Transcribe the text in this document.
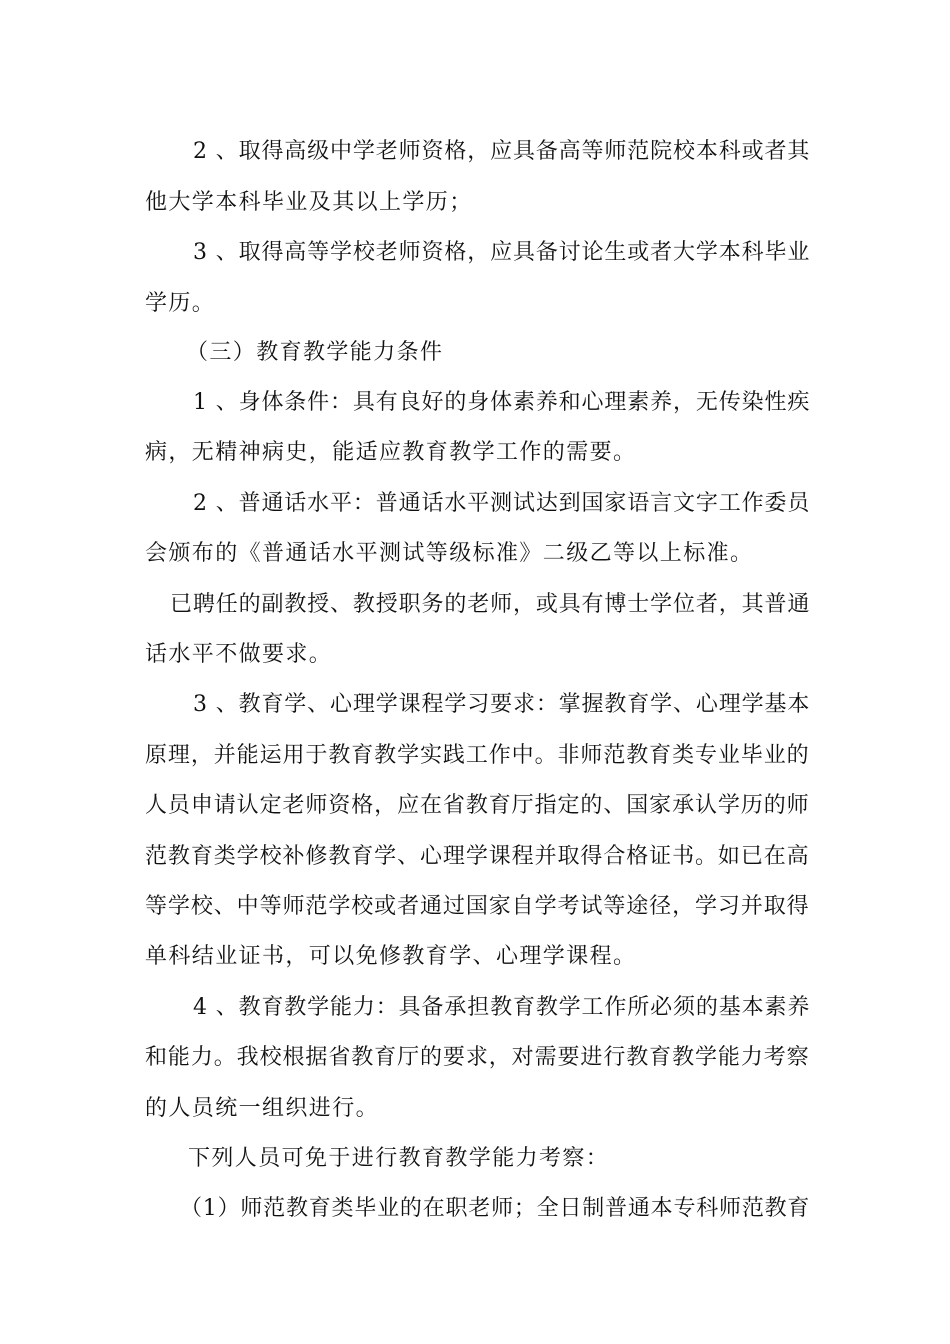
2 、取得高级中学老师资格，应具备高等师范院校本科或者其
他大学本科毕业及其以上学历；
3 、取得高等学校老师资格，应具备讨论生或者大学本科毕业
学历。
（三）教育教学能力条件
1 、身体条件：具有良好的身体素养和心理素养，无传染性疾
病，无精神病史，能适应教育教学工作的需要。
2 、普通话水平：普通话水平测试达到国家语言文字工作委员
会颁布的《普通话水平测试等级标准》二级乙等以上标准。
已聘任的副教授、教授职务的老师，或具有博士学位者，其普通
话水平不做要求。
3 、教育学、心理学课程学习要求：掌握教育学、心理学基本
原理，并能运用于教育教学实践工作中。非师范教育类专业毕业的
人员申请认定老师资格，应在省教育厅指定的、国家承认学历的师
范教育类学校补修教育学、心理学课程并取得合格证书。如已在高
等学校、中等师范学校或者通过国家自学考试等途径，学习并取得
单科结业证书，可以免修教育学、心理学课程。
4 、教育教学能力：具备承担教育教学工作所必须的基本素养
和能力。我校根据省教育厅的要求，对需要进行教育教学能力考察
的人员统一组织进行。
下列人员可免于进行教育教学能力考察：
（1）师范教育类毕业的在职老师；全日制普通本专科师范教育
